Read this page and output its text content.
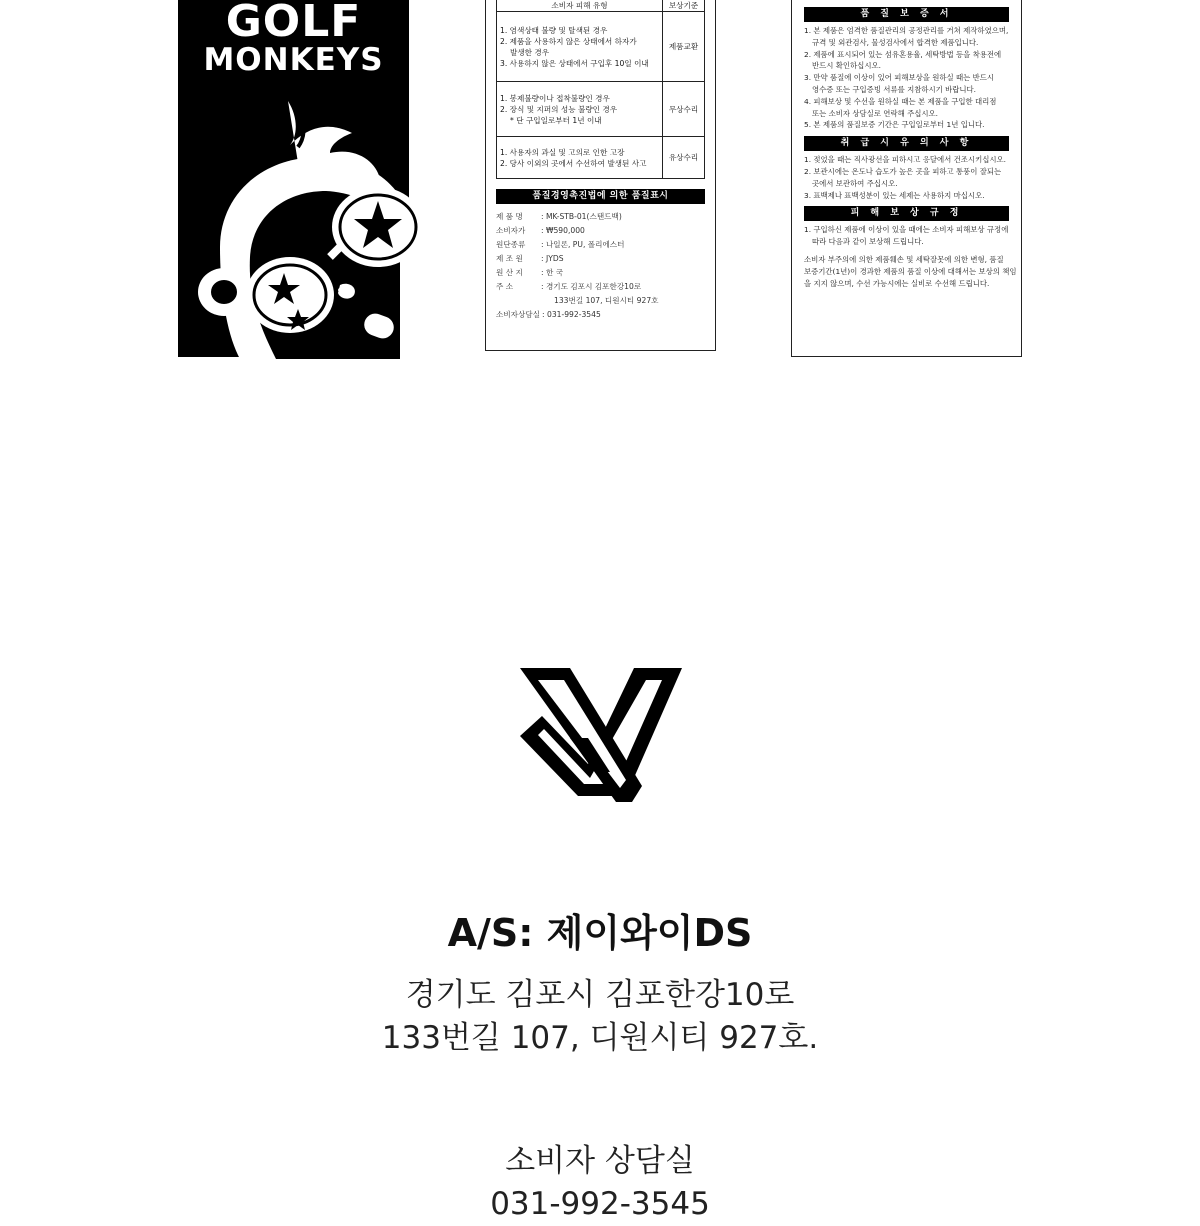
GOLF
MONKEYS
소비자 피해 유형	보상기준

1. 염색상태 불량 및 탈색된 경우
2. 제품을 사용하지 않은 상태에서 하자가
발생한 경우
3. 사용하지 않은 상태에서 구입후 10일 이내	제품교환

1. 봉제불량이나 접착불량인 경우
2. 장식 및 지퍼의 성능 불량인 경우
* 단 구입일로부터 1년 이내	무상수리

1. 사용자의 과실 및 고의로 인한 고장
2. 당사 이외의 곳에서 수선하여 발생된 사고	유상수리
품질경영촉진법에 의한 품질표시
제 품 명	: MK-STB-01(스탠드백)
소비자가	: ₩590,000
원단종류	: 나일론, PU, 폴리에스터
제 조 원	: JYDS
원 산 지	: 한 국
주 소	: 경기도 김포시 김포한강10로
133번길 107, 디원시티 927호
소비자상담실 : 031-992-3545
품 질 보 증 서
1. 본 제품은 엄격한 품질관리의 공정관리를 거쳐 제작하였으며,
규격 및 외관검사, 물성검사에서 합격한 제품입니다.
2. 제품에 표시되어 있는 섬유혼용율, 세탁방법 등을 착용전에
반드시 확인하십시오.
3. 만약 품질에 이상이 있어 피해보상을 원하실 때는 반드시
영수증 또는 구입증빙 서류를 지참하시기 바랍니다.
4. 피해보상 및 수선을 원하실 때는 본 제품을 구입한 대리점
또는 소비자 상담실로 연락해 주십시오.
5. 본 제품의 품질보증 기간은 구입일로부터 1년 입니다.
취 급 시 유 의 사 항
1. 젖었을 때는 직사광선을 피하시고 응달에서 건조시키십시오.
2. 보관시에는 온도나 습도가 높은 곳을 피하고 통풍이 잘되는
곳에서 보관하여 주십시오.
3. 표백제나 표백성분이 있는 세제는 사용하지 마십시오.
피 해 보 상 규 정
1. 구입하신 제품에 이상이 있을 때에는 소비자 피해보상 규정에
따라 다음과 같이 보상해 드립니다.
소비자 부주의에 의한 제품훼손 및 세탁잘못에 의한 변형, 품질
보증기간(1년)이 경과한 제품의 품질 이상에 대해서는 보상의 책임
을 지지 않으며, 수선 가능시에는 실비로 수선해 드립니다.
A/S: 제이와이DS
경기도 김포시 김포한강10로
133번길 107, 디원시티 927호.
소비자 상담실
031-992-3545
